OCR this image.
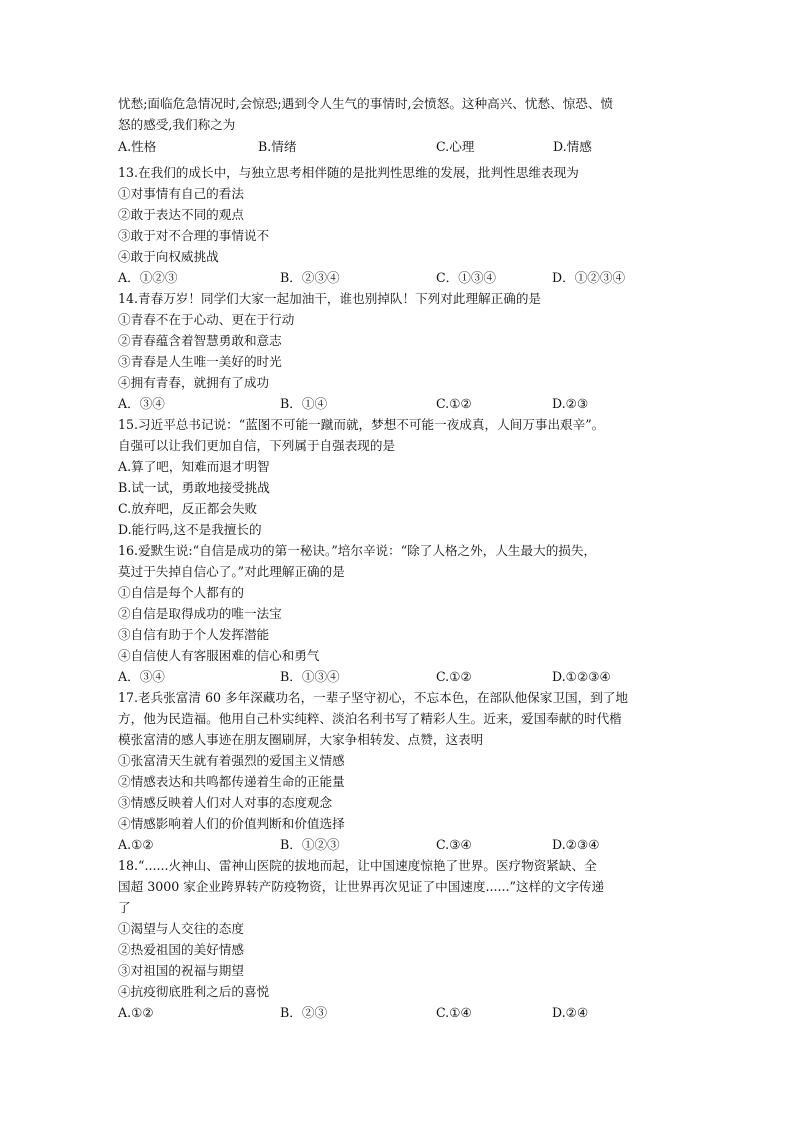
忧愁;面临危急情况时,会惊恐;遇到令人生气的事情时,会愤怒。这种高兴、忧愁、惊恐、愤
怒的感受,我们称之为
A.性格	B.情绪	C.心理	D.情感
13.在我们的成长中，与独立思考相伴随的是批判性思维的发展，批判性思维表现为
①对事情有自己的看法
②敢于表达不同的观点
③敢于对不合理的事情说不
④敢于向权威挑战
A．①②③	B．②③④	C．①③④	D．①②③④
14.青春万岁！同学们大家一起加油干，谁也别掉队！下列对此理解正确的是
①青春不在于心动、更在于行动
②青春蕴含着智慧勇敢和意志
③青春是人生唯一美好的时光
④拥有青春，就拥有了成功
A．③④	B．①④	C.①②	D.②③
15.习近平总书记说：“蓝图不可能一蹴而就，梦想不可能一夜成真，人间万事出艰辛”。
自强可以让我们更加自信，下列属于自强表现的是
A.算了吧，知难而退才明智
B.试一试，勇敢地接受挑战
C.放弃吧，反正都会失败
D.能行吗,这不是我擅长的
16.爱默生说:“自信是成功的第一秘诀。”培尔辛说：“除了人格之外，人生最大的损失，
莫过于失掉自信心了。”对此理解正确的是
①自信是每个人都有的
②自信是取得成功的唯一法宝
③自信有助于个人发挥潜能
④自信使人有客服困难的信心和勇气
A．③④	B．①③④	C.①②	D.①②③④
17.老兵张富清 60 多年深藏功名，一辈子坚守初心，不忘本色，在部队他保家卫国，到了地
方，他为民造福。他用自己朴实纯粹、淡泊名利书写了精彩人生。近来，爱国奉献的时代楷
模张富清的感人事迹在朋友圈刷屏，大家争相转发、点赞，这表明
①张富清天生就有着强烈的爱国主义情感
②情感表达和共鸣都传递着生命的正能量
③情感反映着人们对人对事的态度观念
④情感影响着人们的价值判断和价值选择
A.①②	B．①②③	C.③④	D.②③④
18.“......火神山、雷神山医院的拔地而起，让中国速度惊艳了世界。医疗物资紧缺、全
国超 3000 家企业跨界转产防疫物资，让世界再次见证了中国速度......”这样的文字传递
了
①渴望与人交往的态度
②热爱祖国的美好情感
③对祖国的祝福与期望
④抗疫彻底胜利之后的喜悦
A.①②	B．②③	C.①④	D.②④
